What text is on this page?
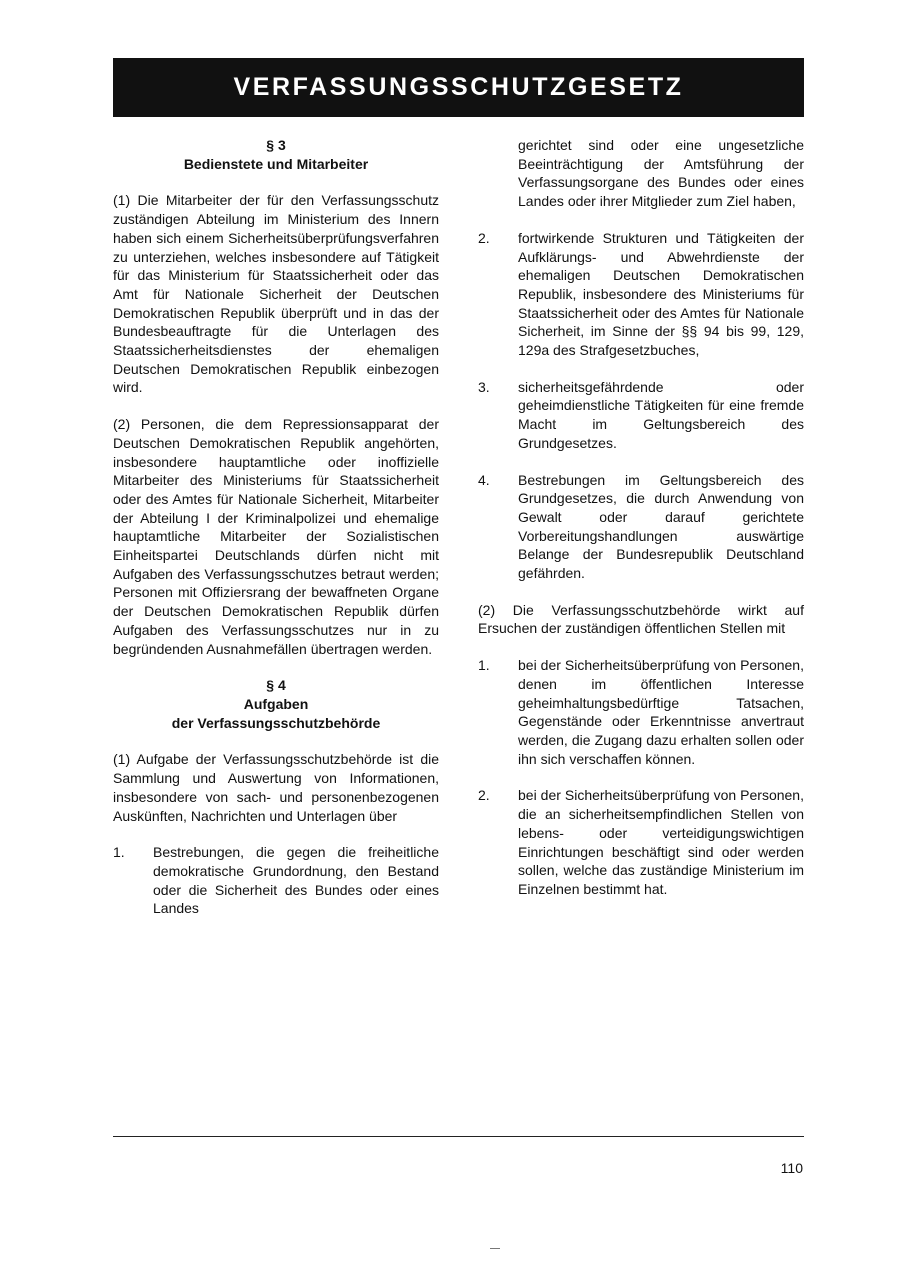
VERFASSUNGSSCHUTZGESETZ

§ 3

Bedienstete und Mitarbeiter

(1) Die Mitarbeiter der für den Verfassungsschutz zuständigen Abteilung im Ministerium des Innern haben sich einem Sicherheitsüberprüfungsverfahren zu unterziehen, welches insbesondere auf Tätigkeit für das Ministerium für Staatssicherheit oder das Amt für Nationale Sicherheit der Deutschen Demokratischen Republik überprüft und in das der Bundesbeauftragte für die Unterlagen des Staatssicherheitsdienstes der ehemaligen Deutschen Demokratischen Republik einbezogen wird.

(2) Personen, die dem Repressionsapparat der Deutschen Demokratischen Republik angehörten, insbesondere hauptamtliche oder inoffizielle Mitarbeiter des Ministeriums für Staatssicherheit oder des Amtes für Nationale Sicherheit, Mitarbeiter der Abteilung I der Kriminalpolizei und ehemalige hauptamtliche Mitarbeiter der Sozialistischen Einheitspartei Deutschlands dürfen nicht mit Aufgaben des Verfassungsschutzes betraut werden; Personen mit Offiziersrang der bewaffneten Organe der Deutschen Demokratischen Republik dürfen Aufgaben des Verfassungsschutzes nur in zu begründenden Ausnahmefällen übertragen werden.

§ 4

Aufgaben

der Verfassungsschutzbehörde

(1) Aufgabe der Verfassungsschutzbehörde ist die Sammlung und Auswertung von Informationen, insbesondere von sach- und personenbezogenen Auskünften, Nachrichten und Unterlagen über

1.	Bestrebungen, die gegen die freiheitliche demokratische Grundordnung, den Bestand oder die Sicherheit des Bundes oder eines Landes
gerichtet sind oder eine ungesetzliche Beeinträchtigung der Amtsführung der Verfassungsorgane des Bundes oder eines Landes oder ihrer Mitglieder zum Ziel haben,
2.	fortwirkende Strukturen und Tätigkeiten der Aufklärungs- und Abwehrdienste der ehemaligen Deutschen Demokratischen Republik, insbesondere des Ministeriums für Staatssicherheit oder des Amtes für Nationale Sicherheit, im Sinne der §§ 94 bis 99, 129, 129a des Strafgesetzbuches,
3.	sicherheitsgefährdende oder geheimdienstliche Tätigkeiten für eine fremde Macht im Geltungsbereich des Grundgesetzes.
4.	Bestrebungen im Geltungsbereich des Grundgesetzes, die durch Anwendung von Gewalt oder darauf gerichtete Vorbereitungshandlungen auswärtige Belange der Bundesrepublik Deutschland gefährden.

(2) Die Verfassungsschutzbehörde wirkt auf Ersuchen der zuständigen öffentlichen Stellen mit

1.	bei der Sicherheitsüberprüfung von Personen, denen im öffentlichen Interesse geheimhaltungsbedürftige Tatsachen, Gegenstände oder Erkenntnisse anvertraut werden, die Zugang dazu erhalten sollen oder ihn sich verschaffen können.
2.	bei der Sicherheitsüberprüfung von Personen, die an sicherheitsempfindlichen Stellen von lebens- oder verteidigungswichtigen Einrichtungen beschäftigt sind oder werden sollen, welche das zuständige Ministerium im Einzelnen bestimmt hat.
110
